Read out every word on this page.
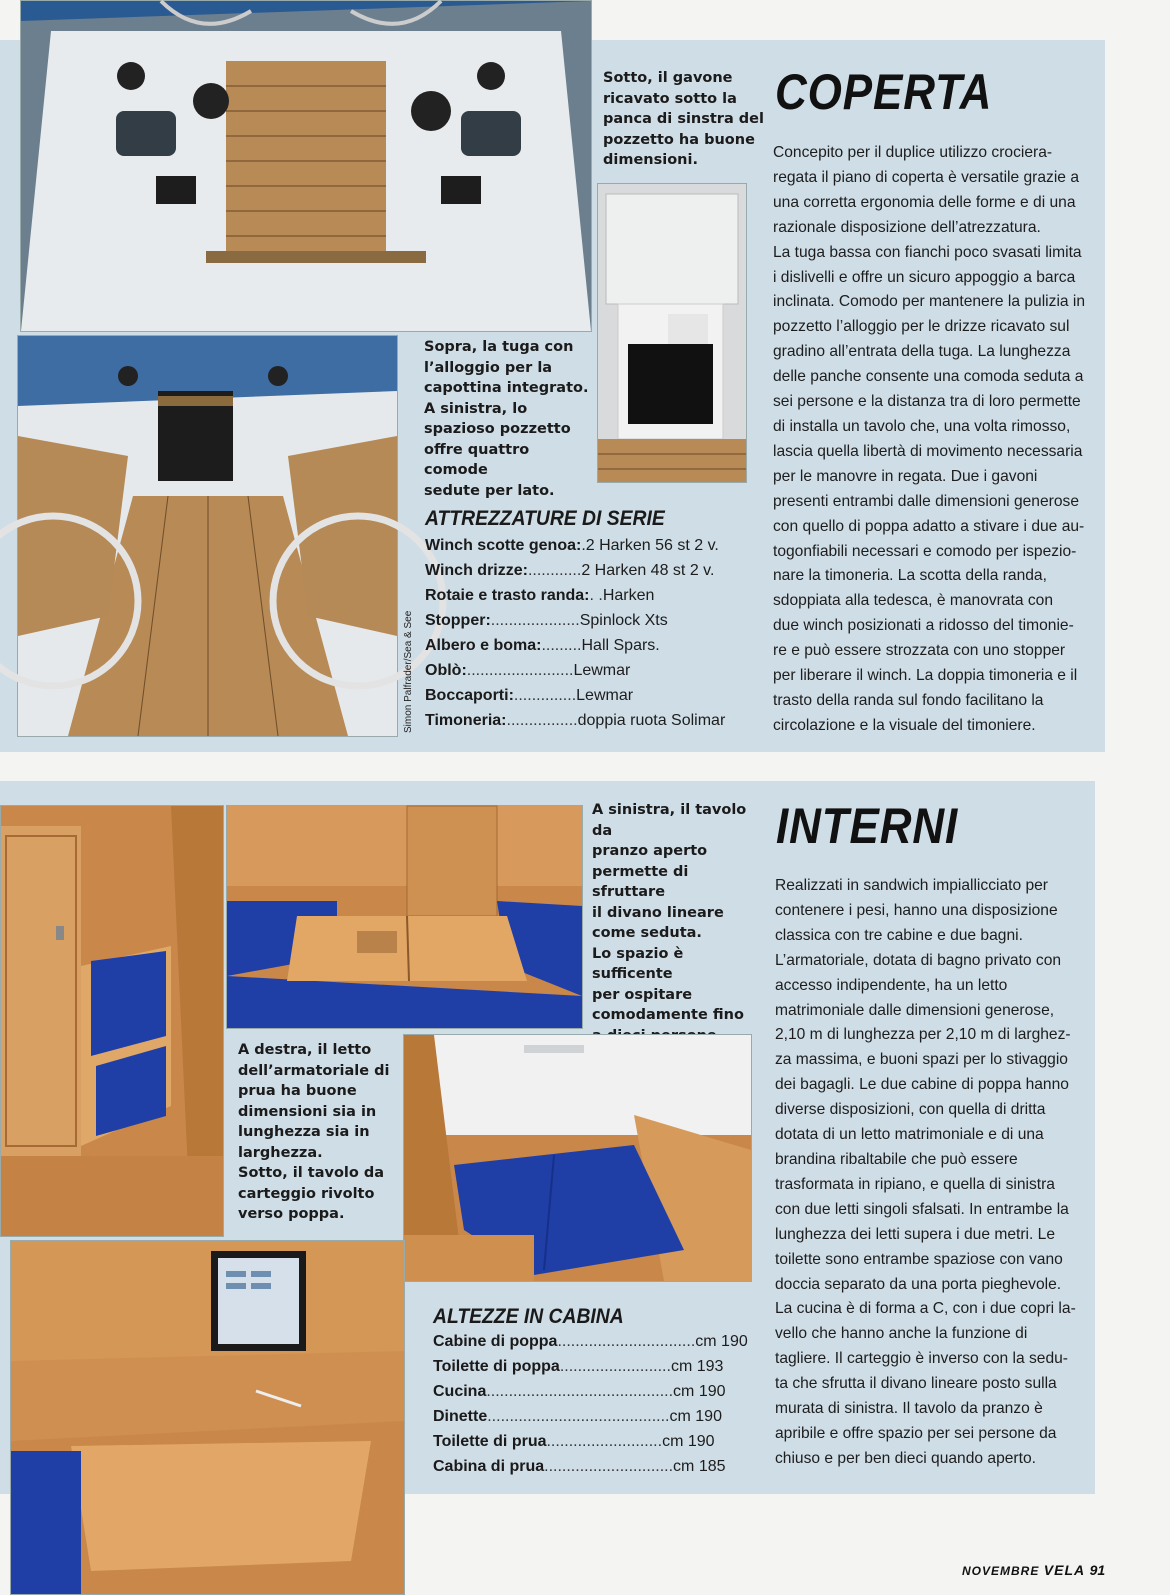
Sotto, il gavone
ricavato sotto la
panca di sinstra del
pozzetto ha buone
dimensioni.
Simon Palfrader/Sea & See
Sopra, la tuga con
l’alloggio per la
capottina integrato.
A sinistra, lo
spazioso pozzetto
offre quattro comode
sedute per lato.
ATTREZZATURE DI SERIE
Winch scotte genoa: .2 Harken 56 st 2 v.
Winch drizze: ............ 2 Harken 48 st 2 v.
Rotaie e trasto randa: . . Harken
Stopper: .................... Spinlock Xts
Albero e boma: ......... Hall Spars.
Oblò: ........................ Lewmar
Boccaporti: .............. Lewmar
Timoneria: ................ doppia ruota Solimar
COPERTA
Concepito per il duplice utilizzo crociera-
regata il piano di coperta è versatile grazie a
una corretta ergonomia delle forme e di una
razionale disposizione dell’atrezzatura.
La tuga bassa con fianchi poco svasati limita
i dislivelli e offre un sicuro appoggio a barca
inclinata. Comodo per mantenere la pulizia in
pozzetto l’alloggio per le drizze ricavato sul
gradino all’entrata della tuga. La lunghezza
delle panche consente una comoda seduta a
sei persone e la distanza tra di loro permette
di installa un tavolo che, una volta rimosso,
lascia quella libertà di movimento necessaria
per le manovre in regata. Due i gavoni
presenti entrambi dalle dimensioni generose
con quello di poppa adatto a stivare i due au-
togonfiabili necessari e comodo per ispezio-
nare la timoneria. La scotta della randa,
sdoppiata alla tedesca, è manovrata con
due winch posizionati a ridosso del timonie-
re e può essere strozzata con uno stopper
per liberare il winch. La doppia timoneria e il
trasto della randa sul fondo facilitano la
circolazione e la visuale del timoniere.
A sinistra, il tavolo da
pranzo aperto
permette di sfruttare
il divano lineare
come seduta.
Lo spazio è sufficente
per ospitare
comodamente fino

A destra, il letto
dell’armatoriale di
prua ha buone
dimensioni sia in
lunghezza sia in
larghezza.
Sotto, il tavolo da
carteggio rivolto
verso poppa.
ALTEZZE IN CABINA
Cabine di poppa ............................... cm 190
Toilette di poppa ......................... cm 193
Cucina .......................................... cm 190
Dinette ......................................... cm 190
Toilette di prua .......................... cm 190
Cabina di prua ............................. cm 185
INTERNI
Realizzati in sandwich impiallicciato per
contenere i pesi, hanno una disposizione
classica con tre cabine e due bagni.
L’armatoriale, dotata di bagno privato con
accesso indipendente, ha un letto
matrimoniale dalle dimensioni generose,
2,10 m di lunghezza per 2,10 m di larghez-
za massima, e buoni spazi per lo stivaggio
dei bagagli. Le due cabine di poppa hanno
diverse disposizioni, con quella di dritta
dotata di un letto matrimoniale e di una
brandina ribaltabile che può essere
trasformata in ripiano, e quella di sinistra
con due letti singoli sfalsati. In entrambe la
lunghezza dei letti supera i due metri. Le
toilette sono entrambe spaziose con vano
doccia separato da una porta pieghevole.
La cucina è di forma a C, con i due copri la-
vello che hanno anche la funzione di
tagliere. Il carteggio è inverso con la sedu-
ta che sfrutta il divano lineare posto sulla
murata di sinistra. Il tavolo da pranzo è
apribile e offre spazio per sei persone da
chiuso e per ben dieci quando aperto.
NOVEMBRE VELA 91
